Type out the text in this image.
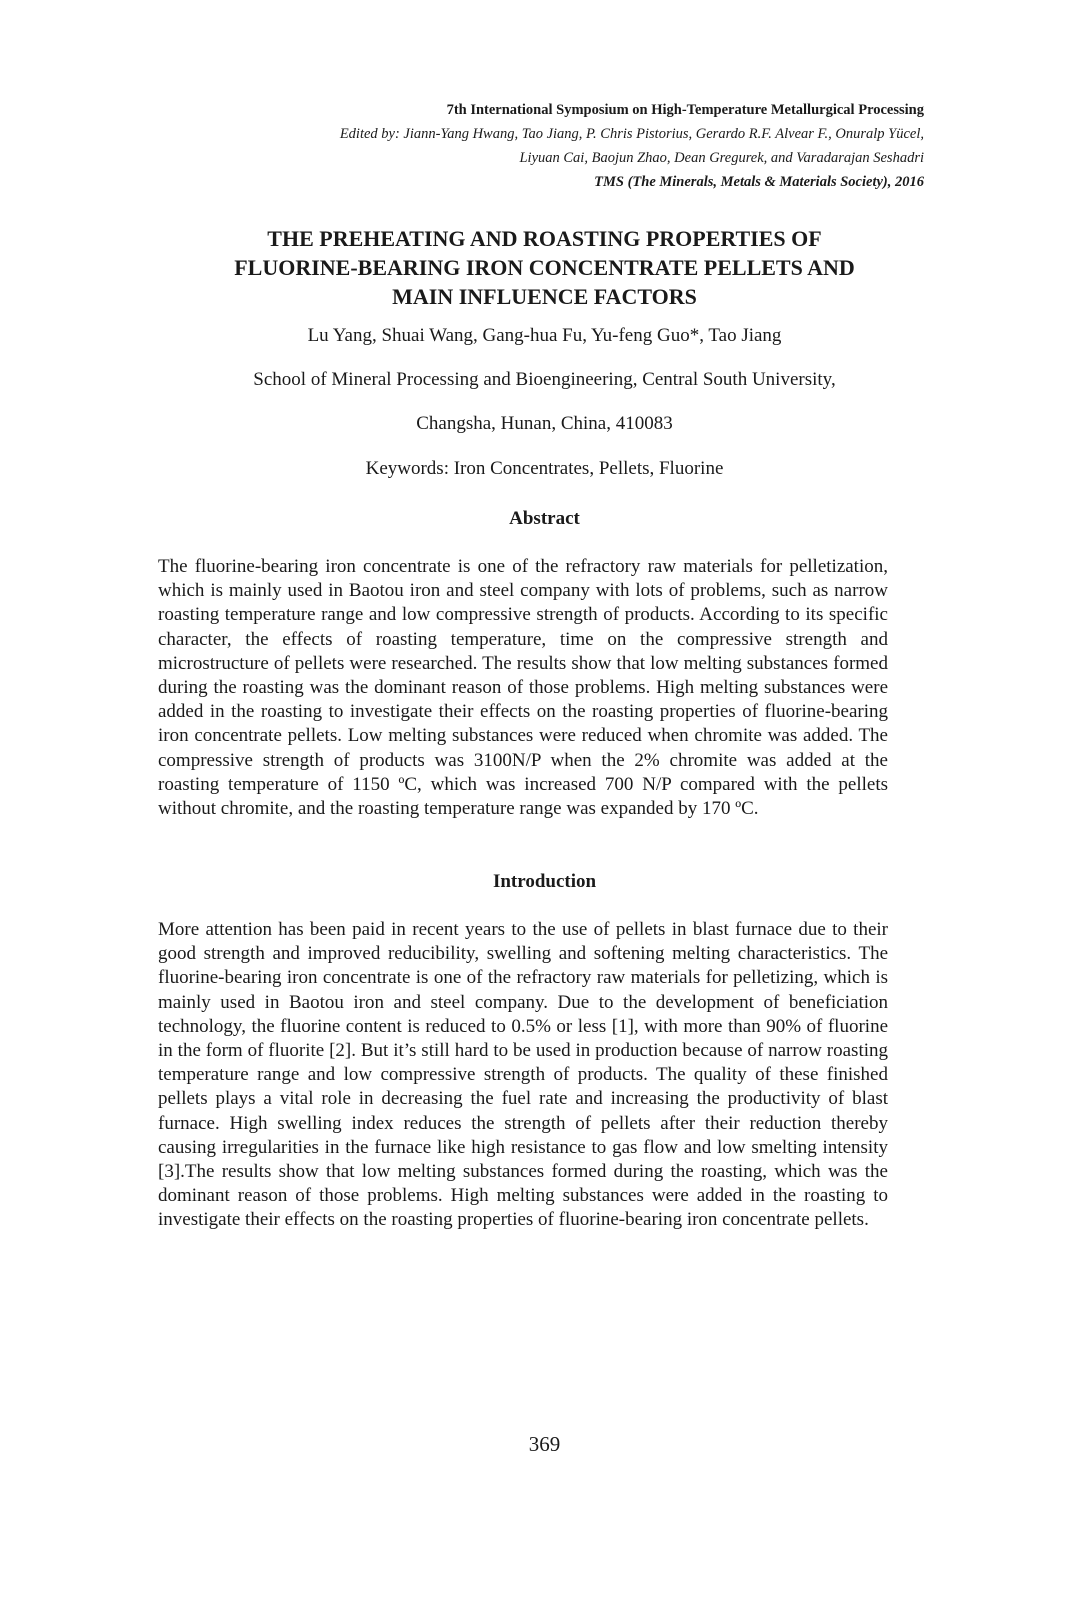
7th International Symposium on High-Temperature Metallurgical Processing
Edited by: Jiann-Yang Hwang, Tao Jiang, P. Chris Pistorius, Gerardo R.F. Alvear F., Onuralp Yücel,
Liyuan Cai, Baojun Zhao, Dean Gregurek, and Varadarajan Seshadri
TMS (The Minerals, Metals & Materials Society), 2016
THE PREHEATING AND ROASTING PROPERTIES OF
FLUORINE-BEARING IRON CONCENTRATE PELLETS AND
MAIN INFLUENCE FACTORS
Lu Yang, Shuai Wang, Gang-hua Fu, Yu-feng Guo*, Tao Jiang
School of Mineral Processing and Bioengineering, Central South University,
Changsha, Hunan, China, 410083
Keywords: Iron Concentrates, Pellets, Fluorine
Abstract
The fluorine-bearing iron concentrate is one of the refractory raw materials for pelletization, which is mainly used in Baotou iron and steel company with lots of problems, such as narrow roasting temperature range and low compressive strength of products. According to its specific character, the effects of roasting temperature, time on the compressive strength and microstructure of pellets were researched. The results show that low melting substances formed during the roasting was the dominant reason of those problems. High melting substances were added in the roasting to investigate their effects on the roasting properties of fluorine-bearing iron concentrate pellets. Low melting substances were reduced when chromite was added. The compressive strength of products was 3100N/P when the 2% chromite was added at the roasting temperature of 1150 ºC, which was increased 700 N/P compared with the pellets without chromite, and the roasting temperature range was expanded by 170 ºC.
Introduction
More attention has been paid in recent years to the use of pellets in blast furnace due to their good strength and improved reducibility, swelling and softening melting characteristics. The fluorine-bearing iron concentrate is one of the refractory raw materials for pelletizing, which is mainly used in Baotou iron and steel company. Due to the development of beneficiation technology, the fluorine content is reduced to 0.5% or less [1], with more than 90% of fluorine in the form of fluorite [2]. But it’s still hard to be used in production because of narrow roasting temperature range and low compressive strength of products. The quality of these finished pellets plays a vital role in decreasing the fuel rate and increasing the productivity of blast furnace. High swelling index reduces the strength of pellets after their reduction thereby causing irregularities in the furnace like high resistance to gas flow and low smelting intensity [3].The results show that low melting substances formed during the roasting, which was the dominant reason of those problems. High melting substances were added in the roasting to investigate their effects on the roasting properties of fluorine-bearing iron concentrate pellets.
369
